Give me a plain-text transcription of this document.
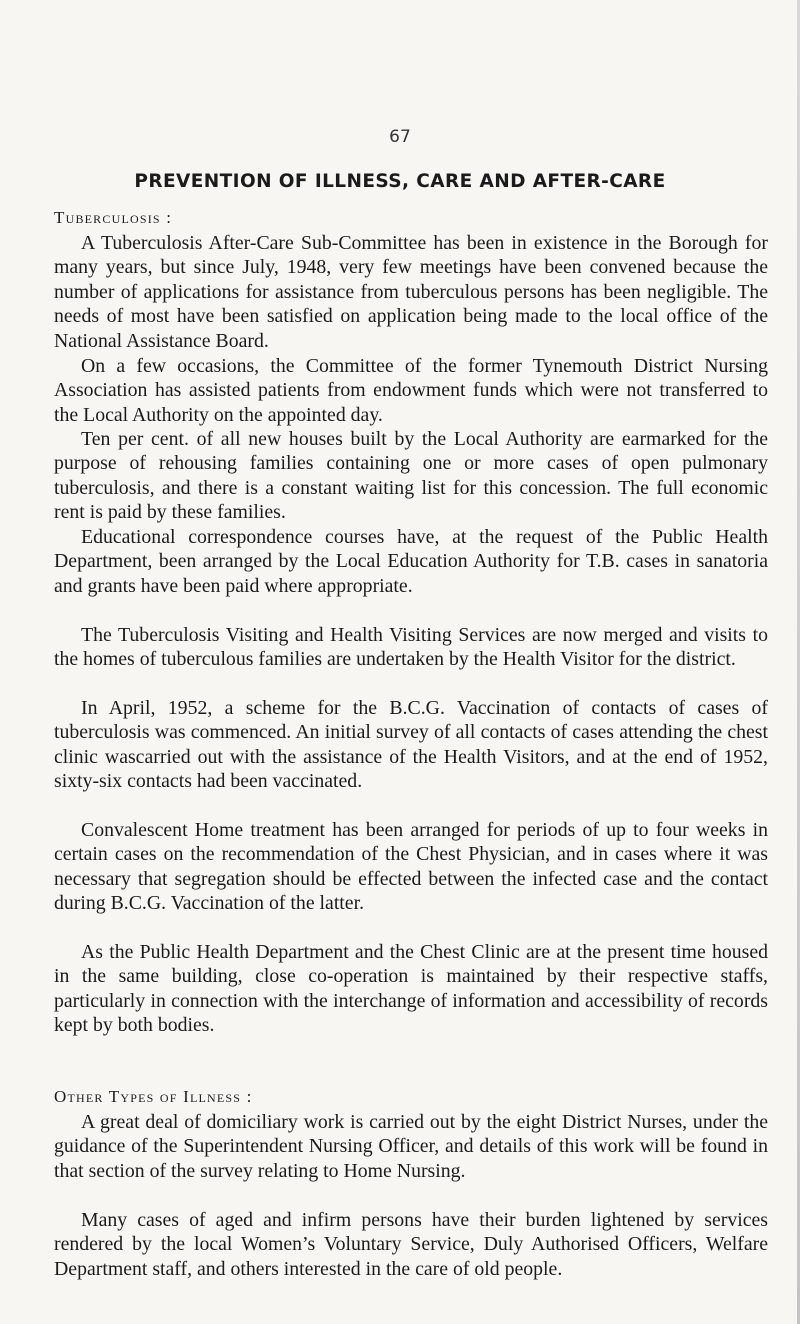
67
PREVENTION OF ILLNESS, CARE AND AFTER-CARE
Tuberculosis :

A Tuberculosis After-Care Sub-Committee has been in existence in the Borough for many years, but since July, 1948, very few meetings have been convened because the number of applications for assistance from tuberculous persons has been negligible. The needs of most have been satisfied on application being made to the local office of the National Assistance Board.

On a few occasions, the Committee of the former Tynemouth District Nursing Association has assisted patients from endowment funds which were not transferred to the Local Authority on the appointed day.

Ten per cent. of all new houses built by the Local Authority are earmarked for the purpose of rehousing families containing one or more cases of open pulmonary tuberculosis, and there is a constant waiting list for this concession. The full economic rent is paid by these families.

Educational correspondence courses have, at the request of the Public Health Department, been arranged by the Local Education Authority for T.B. cases in sanatoria and grants have been paid where appropriate.

The Tuberculosis Visiting and Health Visiting Services are now merged and visits to the homes of tuberculous families are undertaken by the Health Visitor for the district.

In April, 1952, a scheme for the B.C.G. Vaccination of contacts of cases of tuberculosis was commenced. An initial survey of all contacts of cases attending the chest clinic wascarried out with the assistance of the Health Visitors, and at the end of 1952, sixty-six contacts had been vaccinated.

Convalescent Home treatment has been arranged for periods of up to four weeks in certain cases on the recommendation of the Chest Physician, and in cases where it was necessary that segregation should be effected between the infected case and the contact during B.C.G. Vaccination of the latter.

As the Public Health Department and the Chest Clinic are at the present time housed in the same building, close co-operation is maintained by their respective staffs, particularly in connection with the interchange of information and accessibility of records kept by both bodies.

Other Types of Illness :

A great deal of domiciliary work is carried out by the eight District Nurses, under the guidance of the Superintendent Nursing Officer, and details of this work will be found in that section of the survey relating to Home Nursing.

Many cases of aged and infirm persons have their burden lightened by services rendered by the local Women’s Voluntary Service, Duly Authorised Officers, Welfare Department staff, and others interested in the care of old people.
